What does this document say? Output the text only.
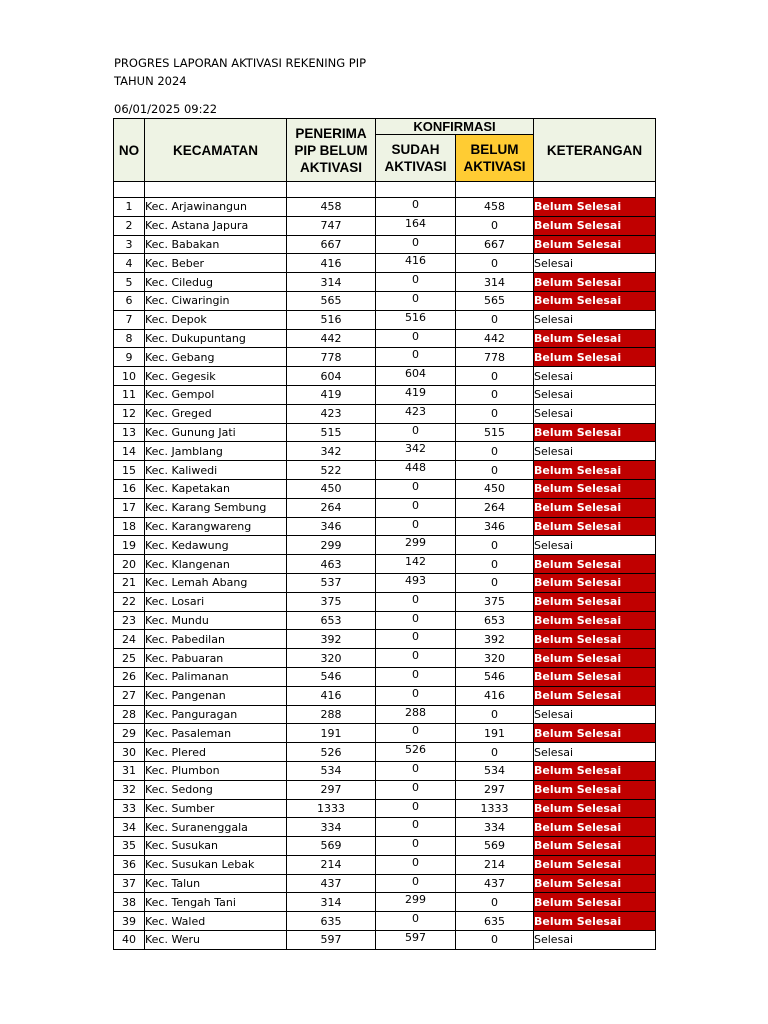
PROGRES LAPORAN AKTIVASI REKENING PIP
TAHUN 2024
06/01/2025 09:22
NO	KECAMATAN	PENERIMA PIP BELUM AKTIVASI	KONFIRMASI		KETERANGAN
			SUDAH AKTIVASI	BELUM AKTIVASI	

1	Kec. Arjawinangun	458	0	458	Belum Selesai
2	Kec. Astana Japura	747	164	0	Belum Selesai
3	Kec. Babakan	667	0	667	Belum Selesai
4	Kec. Beber	416	416	0	Selesai
5	Kec. Ciledug	314	0	314	Belum Selesai
6	Kec. Ciwaringin	565	0	565	Belum Selesai
7	Kec. Depok	516	516	0	Selesai
8	Kec. Dukupuntang	442	0	442	Belum Selesai
9	Kec. Gebang	778	0	778	Belum Selesai
10	Kec. Gegesik	604	604	0	Selesai
11	Kec. Gempol	419	419	0	Selesai
12	Kec. Greged	423	423	0	Selesai
13	Kec. Gunung Jati	515	0	515	Belum Selesai
14	Kec. Jamblang	342	342	0	Selesai
15	Kec. Kaliwedi	522	448	0	Belum Selesai
16	Kec. Kapetakan	450	0	450	Belum Selesai
17	Kec. Karang Sembung	264	0	264	Belum Selesai
18	Kec. Karangwareng	346	0	346	Belum Selesai
19	Kec. Kedawung	299	299	0	Selesai
20	Kec. Klangenan	463	142	0	Belum Selesai
21	Kec. Lemah Abang	537	493	0	Belum Selesai
22	Kec. Losari	375	0	375	Belum Selesai
23	Kec. Mundu	653	0	653	Belum Selesai
24	Kec. Pabedilan	392	0	392	Belum Selesai
25	Kec. Pabuaran	320	0	320	Belum Selesai
26	Kec. Palimanan	546	0	546	Belum Selesai
27	Kec. Pangenan	416	0	416	Belum Selesai
28	Kec. Panguragan	288	288	0	Selesai
29	Kec. Pasaleman	191	0	191	Belum Selesai
30	Kec. Plered	526	526	0	Selesai
31	Kec. Plumbon	534	0	534	Belum Selesai
32	Kec. Sedong	297	0	297	Belum Selesai
33	Kec. Sumber	1333	0	1333	Belum Selesai
34	Kec. Suranenggala	334	0	334	Belum Selesai
35	Kec. Susukan	569	0	569	Belum Selesai
36	Kec. Susukan Lebak	214	0	214	Belum Selesai
37	Kec. Talun	437	0	437	Belum Selesai
38	Kec. Tengah Tani	314	299	0	Belum Selesai
39	Kec. Waled	635	0	635	Belum Selesai
40	Kec. Weru	597	597	0	Selesai
